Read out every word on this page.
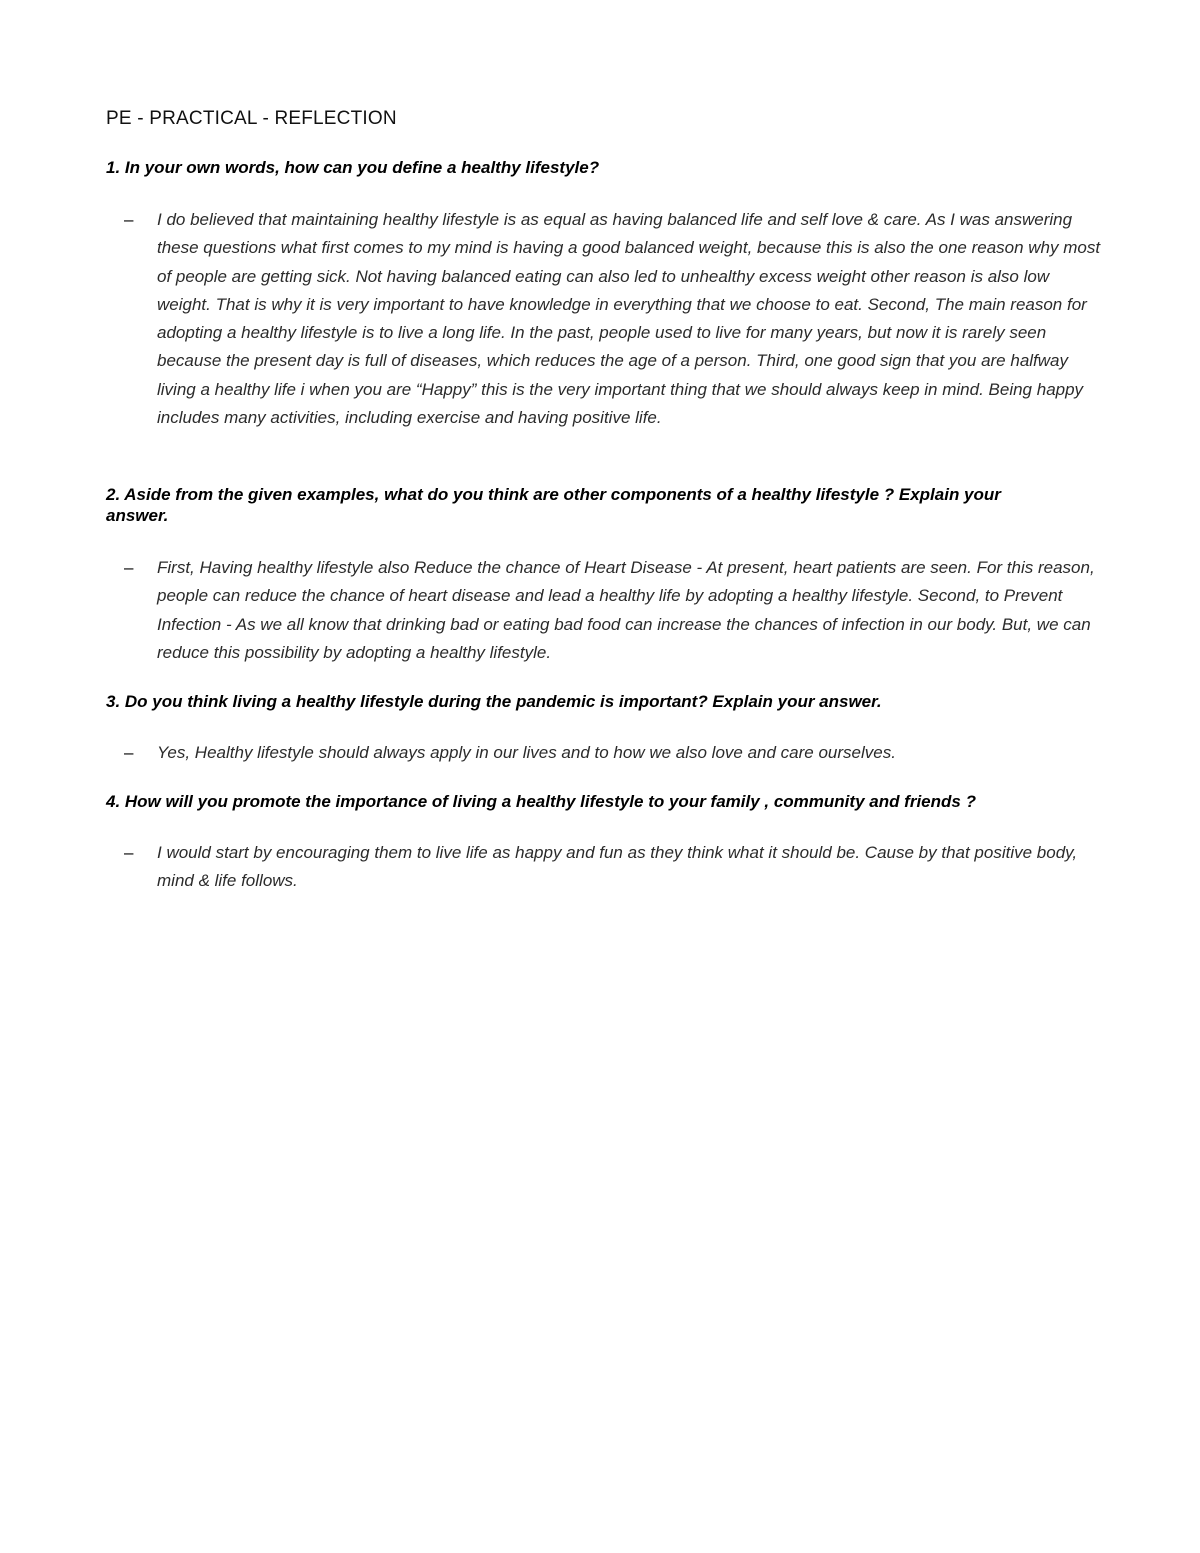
PE - PRACTICAL - REFLECTION
1. In your own words, how can you define a healthy lifestyle?
– I do believed that maintaining healthy lifestyle is as equal as having balanced life and self love & care. As I was answering these questions what first comes to my mind is having a good balanced weight, because this is also the one reason why most of people are getting sick. Not having balanced eating can also led to unhealthy excess weight other reason is also low weight. That is why it is very important to have knowledge in everything that we choose to eat. Second, The main reason for adopting a healthy lifestyle is to live a long life. In the past, people used to live for many years, but now it is rarely seen because the present day is full of diseases, which reduces the age of a person. Third, one good sign that you are halfway living a healthy life i when you are “Happy” this is the very important thing that we should always keep in mind. Being happy includes many activities, including exercise and having positive life.
2. Aside from the given examples, what do you think are other components of a healthy lifestyle ? Explain your answer.
– First, Having healthy lifestyle also Reduce the chance of Heart Disease - At present, heart patients are seen. For this reason, people can reduce the chance of heart disease and lead a healthy life by adopting a healthy lifestyle. Second, to Prevent Infection - As we all know that drinking bad or eating bad food can increase the chances of infection in our body. But, we can reduce this possibility by adopting a healthy lifestyle.
3. Do you think living a healthy lifestyle during the pandemic is important? Explain your answer.
– Yes, Healthy lifestyle should always apply in our lives and to how we also love and care ourselves.
4. How will you promote the importance of living a healthy lifestyle to your family , community and friends ?
– I would start by encouraging them to live life as happy and fun as they think what it should be. Cause by that positive body, mind & life follows.
